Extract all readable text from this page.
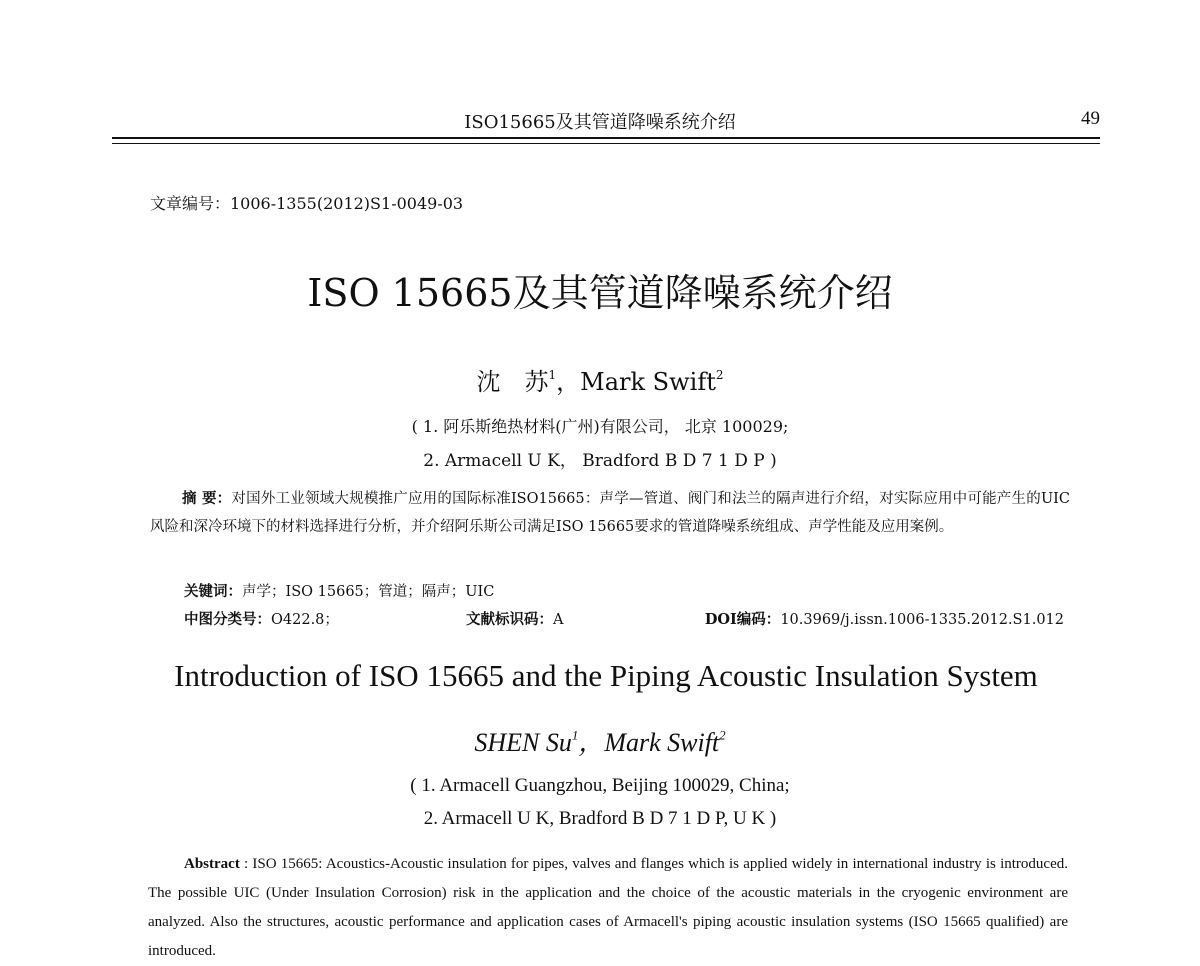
ISO15665及其管道降噪系统介绍	49
文章编号：1006-1355(2012)S1-0049-03
ISO 15665及其管道降噪系统介绍
沈　苏$^1$，Mark Swift$^2$
( 1. 阿乐斯绝热材料(广州)有限公司， 北京 100029;
2. Armacell U K， Bradford B D 7 1 D P )
摘 要：对国外工业领域大规模推广应用的国际标准ISO15665：声学—管道、阀门和法兰的隔声进行介绍，对实际应用中可能产生的UIC风险和深冷环境下的材料选择进行分析，并介绍阿乐斯公司满足ISO 15665要求的管道降噪系统组成、声学性能及应用案例。
关键词：声学；ISO 15665；管道；隔声；UIC
中图分类号：O422.8；	文献标识码：A	DOI编码：10.3969/j.issn.1006-1335.2012.S1.012
Introduction of ISO 15665 and the Piping Acoustic Insulation System
SHEN Su$^1$，Mark Swift$^2$
( 1. Armacell Guangzhou, Beijing 100029, China;
2. Armacell U K, Bradford B D 7 1 D P, U K )
Abstract : ISO 15665: Acoustics-Acoustic insulation for pipes, valves and flanges which is applied widely in international industry is introduced. The possible UIC (Under Insulation Corrosion) risk in the application and the choice of the acoustic materials in the cryogenic environment are analyzed. Also the structures, acoustic performance and application cases of Armacell's piping acoustic insulation systems (ISO 15665 qualified) are introduced.
